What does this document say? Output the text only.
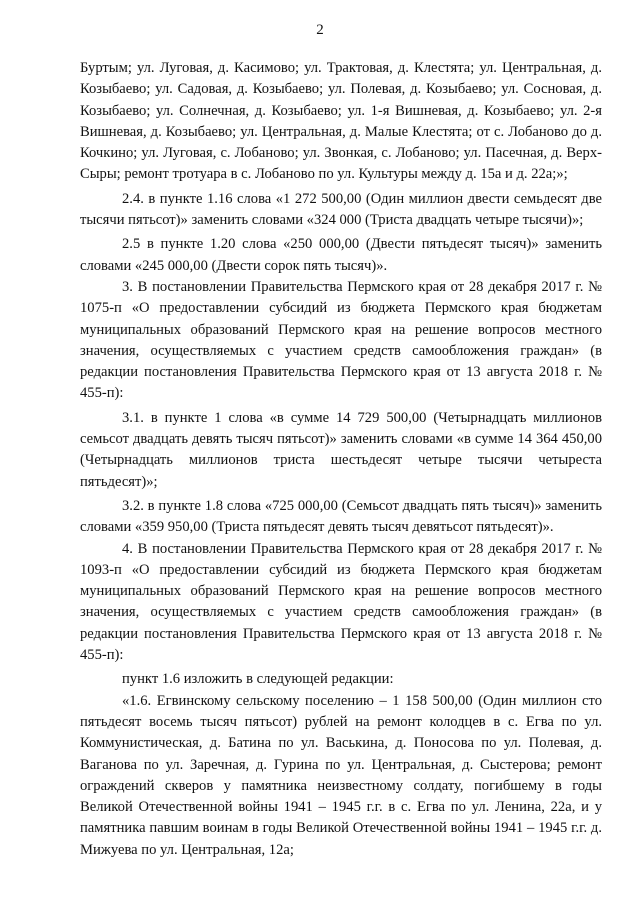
2

Буртым; ул. Луговая, д. Касимово; ул. Трактовая, д. Клестята; ул. Центральная, д. Козыбаево; ул. Садовая, д. Козыбаево; ул. Полевая, д. Козыбаево; ул. Сосновая, д. Козыбаево; ул. Солнечная, д. Козыбаево; ул. 1-я Вишневая, д. Козыбаево; ул. 2-я Вишневая, д. Козыбаево; ул. Центральная, д. Малые Клестята; от с. Лобаново до д. Кочкино; ул. Луговая, с. Лобаново; ул. Звонкая, с. Лобаново; ул. Пасечная, д. Верх-Сыры; ремонт тротуара в с. Лобаново по ул. Культуры между д. 15а и д. 22а;»;

2.4. в пункте 1.16 слова «1 272 500,00 (Один миллион двести семьдесят две тысячи пятьсот)» заменить словами «324 000 (Триста двадцать четыре тысячи)»;

2.5 в пункте 1.20 слова «250 000,00 (Двести пятьдесят тысяч)» заменить словами «245 000,00 (Двести сорок пять тысяч)».

3. В постановлении Правительства Пермского края от 28 декабря 2017 г. № 1075-п «О предоставлении субсидий из бюджета Пермского края бюджетам муниципальных образований Пермского края на решение вопросов местного значения, осуществляемых с участием средств самообложения граждан» (в редакции постановления Правительства Пермского края от 13 августа 2018 г. № 455-п):

3.1. в пункте 1 слова «в сумме 14 729 500,00 (Четырнадцать миллионов семьсот двадцать девять тысяч пятьсот)» заменить словами «в сумме 14 364 450,00 (Четырнадцать миллионов триста шестьдесят четыре тысячи четыреста пятьдесят)»;

3.2. в пункте 1.8 слова «725 000,00 (Семьсот двадцать пять тысяч)» заменить словами «359 950,00 (Триста пятьдесят девять тысяч девятьсот пятьдесят)».

4. В постановлении Правительства Пермского края от 28 декабря 2017 г. № 1093-п «О предоставлении субсидий из бюджета Пермского края бюджетам муниципальных образований Пермского края на решение вопросов местного значения, осуществляемых с участием средств самообложения граждан» (в редакции постановления Правительства Пермского края от 13 августа 2018 г. № 455-п):

пункт 1.6 изложить в следующей редакции:

«1.6. Егвинскому сельскому поселению – 1 158 500,00 (Один миллион сто пятьдесят восемь тысяч пятьсот) рублей на ремонт колодцев в с. Егва по ул. Коммунистическая, д. Батина по ул. Васькина, д. Поносова по ул. Полевая, д. Ваганова по ул. Заречная, д. Гурина по ул. Центральная, д. Сыстерова; ремонт ограждений скверов у памятника неизвестному солдату, погибшему в годы Великой Отечественной войны 1941 – 1945 г.г. в с. Егва по ул. Ленина, 22а, и у памятника павшим воинам в годы Великой Отечественной войны 1941 – 1945 г.г. д. Мижуева по ул. Центральная, 12а;
